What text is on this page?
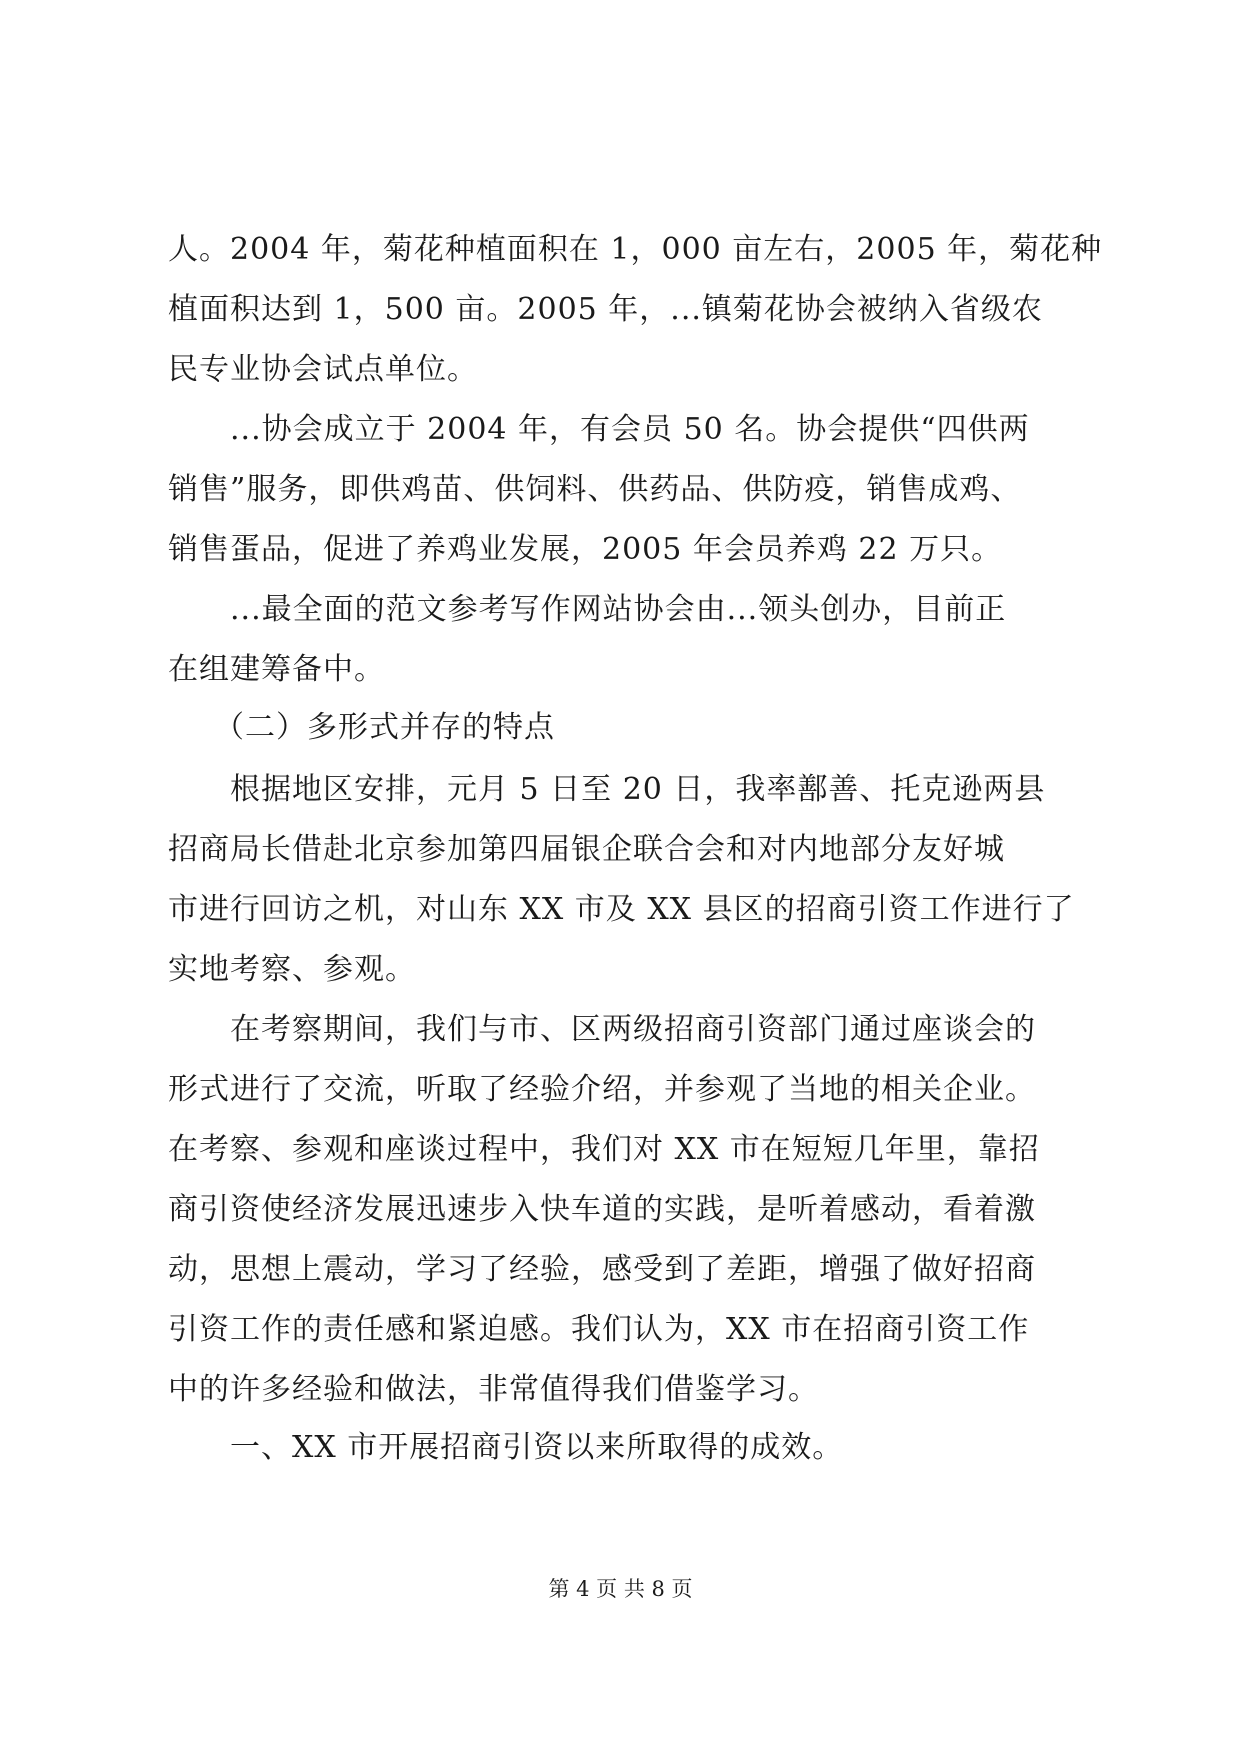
人。2004 年，菊花种植面积在 1，000 亩左右，2005 年，菊花种
植面积达到 1，500 亩。2005 年，...镇菊花协会被纳入省级农
民专业协会试点单位。
...协会成立于 2004 年，有会员 50 名。协会提供“四供两
销售”服务，即供鸡苗、供饲料、供药品、供防疫，销售成鸡、
销售蛋品，促进了养鸡业发展，2005 年会员养鸡 22 万只。
...最全面的范文参考写作网站协会由...领头创办，目前正
在组建筹备中。
（二）多形式并存的特点
根据地区安排，元月 5 日至 20 日，我率鄯善、托克逊两县
招商局长借赴北京参加第四届银企联合会和对内地部分友好城
市进行回访之机，对山东 XX 市及 XX 县区的招商引资工作进行了
实地考察、参观。
在考察期间，我们与市、区两级招商引资部门通过座谈会的
形式进行了交流，听取了经验介绍，并参观了当地的相关企业。
在考察、参观和座谈过程中，我们对 XX 市在短短几年里，靠招
商引资使经济发展迅速步入快车道的实践，是听着感动，看着激
动，思想上震动，学习了经验，感受到了差距，增强了做好招商
引资工作的责任感和紧迫感。我们认为，XX 市在招商引资工作
中的许多经验和做法，非常值得我们借鉴学习。
一、XX 市开展招商引资以来所取得的成效。
第 4 页 共 8 页
